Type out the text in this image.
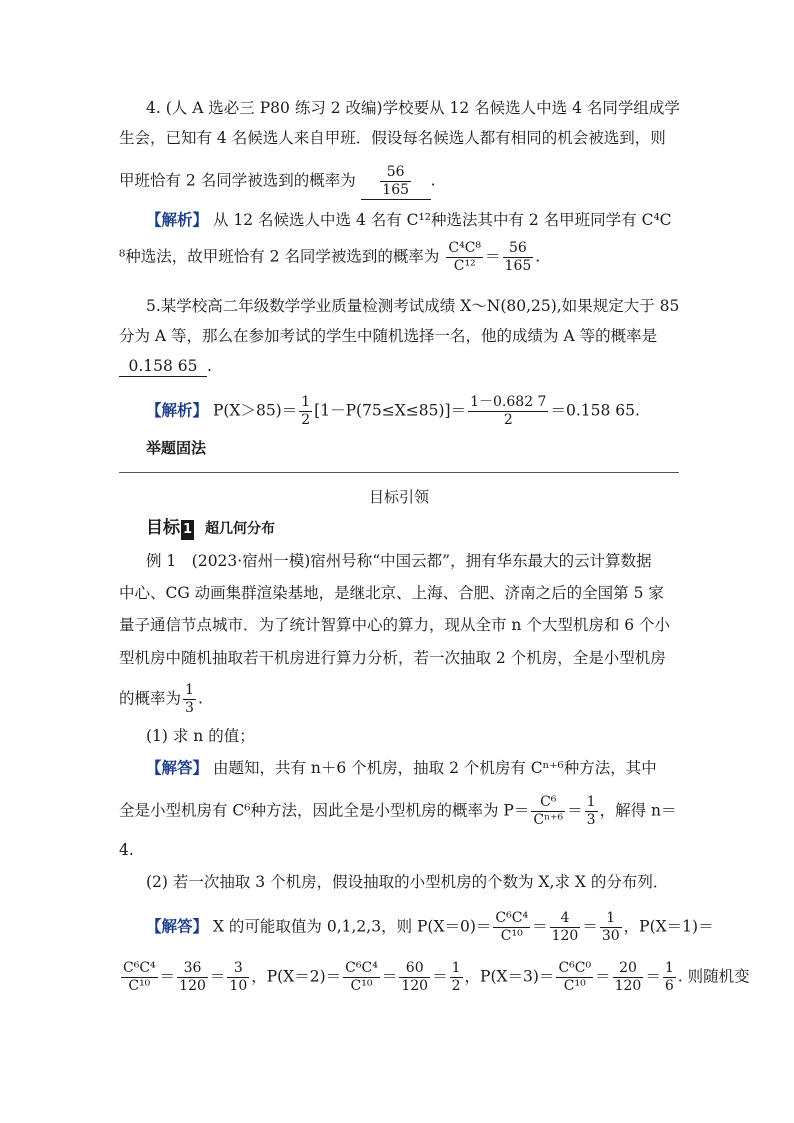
4. (人 A 选必三 P80 练习 2 改编)学校要从 12 名候选人中选 4 名同学组成学
生会，已知有 4 名候选人来自甲班．假设每名候选人都有相同的机会被选到，则
甲班恰有 2 名同学被选到的概率为 $\frac{56}{165}$ .
【解析】 从 12 名候选人中选 4 名有 C¹²种选法其中有 2 名甲班同学有 C⁴C
⁸种选法，故甲班恰有 2 名同学被选到的概率为 $\frac{\text{C⁴C⁸}}{\text{C¹²}} = \frac{56}{165}$ .
5.某学校高二年级数学学业质量检测考试成绩 X～N(80,25),如果规定大于 85
分为 A 等，那么在参加考试的学生中随机选择一名，他的成绩为 A 等的概率是
0.158 65 .
【解析】 $P(X>85)= \frac{1}{2} [1-P(75\le X\le 85)]= \frac{1-0.682 7}{2} =0.158$ 65.
举题固法
目标引领
目标 1 超几何分布
例 1　(2023·宿州一模)宿州号称“中国云都”，拥有华东最大的云计算数据
中心、CG 动画集群渲染基地，是继北京、上海、合肥、济南之后的全国第 5 家
量子通信节点城市．为了统计智算中心的算力，现从全市 n 个大型机房和 6 个小
型机房中随机抽取若干机房进行算力分析，若一次抽取 2 个机房，全是小型机房
的概率为 $\frac{1}{3}$ .
(1) 求 n 的值；
【解答】 由题知，共有 n＋6 个机房，抽取 2 个机房有 Cⁿ⁺⁶种方法，其中
全是小型机房有 C⁶种方法，因此全是小型机房的概率为 $P= \frac{\text{C⁶}}{\text{Cⁿ⁺⁶}} = \frac{1}{3}$ ，解得 n＝
4.
(2) 若一次抽取 3 个机房，假设抽取的小型机房的个数为 X,求 X 的分布列．
【解答】 X 的可能取值为 0,1,2,3，则 $P(X=0)= \frac{\text{C⁶C⁴}}{\text{C¹⁰}} = \frac{4}{120} = \frac{1}{30}$ ，P(X＝1)＝
$\frac{\text{C⁶C⁴}}{\text{C¹⁰}} = \frac{36}{120} = \frac{3}{10}$ ，$P(X=2)= \frac{\text{C⁶C⁴}}{\text{C¹⁰}} = \frac{60}{120} = \frac{1}{2}$ ，$P(X=3)= \frac{\text{C⁶C⁰}}{\text{C¹⁰}} = \frac{20}{120} = \frac{1}{6}$ . 则随机变
